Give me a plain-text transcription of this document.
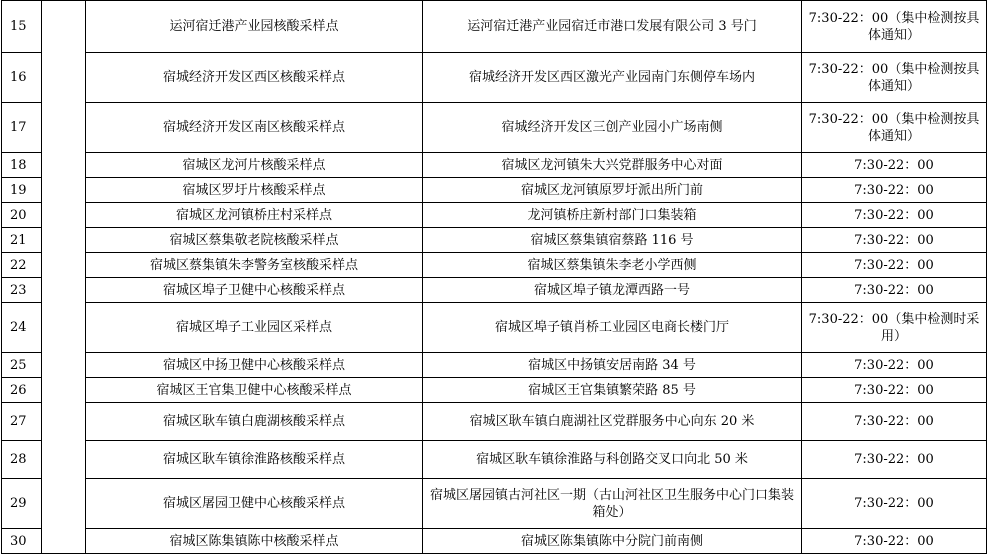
15		运河宿迁港产业园核酸采样点	运河宿迁港产业园宿迁市港口发展有限公司 3 号门	7:30-22：00（集中检测按具体通知）
16		宿城经济开发区西区核酸采样点	宿城经济开发区西区激光产业园南门东侧停车场内	7:30-22：00（集中检测按具体通知）
17		宿城经济开发区南区核酸采样点	宿城经济开发区三创产业园小广场南侧	7:30-22：00（集中检测按具体通知）
18		宿城区龙河片核酸采样点	宿城区龙河镇朱大兴党群服务中心对面	7:30-22：00
19		宿城区罗圩片核酸采样点	宿城区龙河镇原罗圩派出所门前	7:30-22：00
20		宿城区龙河镇桥庄村采样点	龙河镇桥庄新村部门口集装箱	7:30-22：00
21		宿城区蔡集敬老院核酸采样点	宿城区蔡集镇宿蔡路 116 号	7:30-22：00
22		宿城区蔡集镇朱李警务室核酸采样点	宿城区蔡集镇朱李老小学西侧	7:30-22：00
23		宿城区埠子卫健中心核酸采样点	宿城区埠子镇龙潭西路一号	7:30-22：00
24		宿城区埠子工业园区采样点	宿城区埠子镇肖桥工业园区电商长楼门厅	7:30-22：00（集中检测时采用）
25		宿城区中扬卫健中心核酸采样点	宿城区中扬镇安居南路 34 号	7:30-22：00
26		宿城区王官集卫健中心核酸采样点	宿城区王官集镇繁荣路 85 号	7:30-22：00
27		宿城区耿车镇白鹿湖核酸采样点	宿城区耿车镇白鹿湖社区党群服务中心向东 20 米	7:30-22：00
28		宿城区耿车镇徐淮路核酸采样点	宿城区耿车镇徐淮路与科创路交叉口向北 50 米	7:30-22：00
29		宿城区屠园卫健中心核酸采样点	宿城区屠园镇古河社区一期（古山河社区卫生服务中心门口集装箱处）	7:30-22：00
30		宿城区陈集镇陈中核酸采样点	宿城区陈集镇陈中分院门前南侧	7:30-22：00
